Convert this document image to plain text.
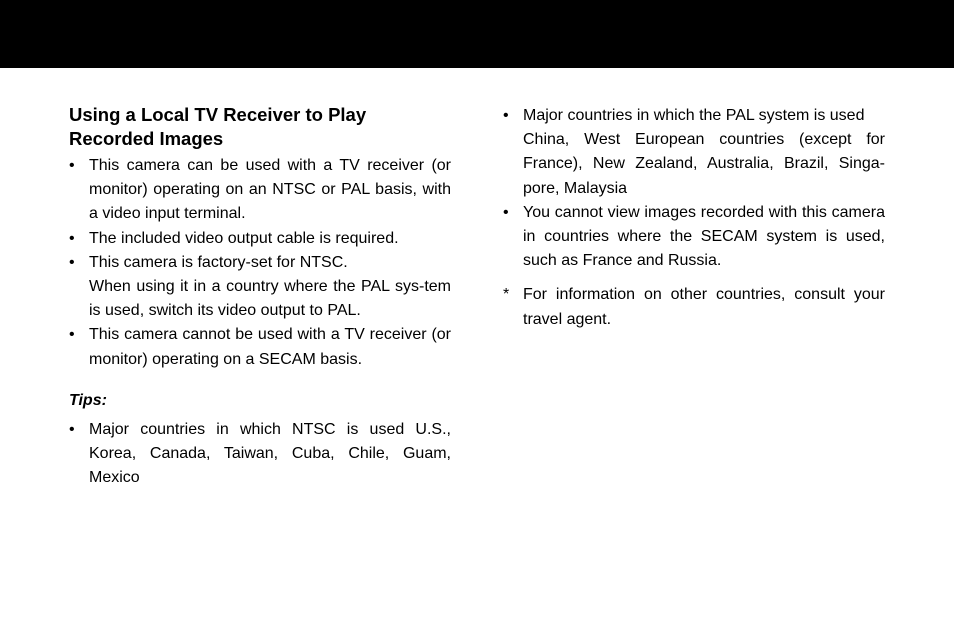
Using a Local TV Receiver to Play
Recorded Images
• This camera can be used with a TV receiver (or monitor) operating on an NTSC or PAL basis, with a video input terminal.
• The included video output cable is required.
• This camera is factory-set for NTSC.
When using it in a country where the PAL sys-tem is used, switch its video output to PAL.
• This camera cannot be used with a TV receiver (or monitor) operating on a SECAM basis.
Tips:
• Major countries in which NTSC is used U.S., Korea, Canada, Taiwan, Cuba, Chile, Guam, Mexico
• Major countries in which the PAL system is used
China, West European countries (except for France), New Zealand, Australia, Brazil, Singa-pore, Malaysia
• You cannot view images recorded with this camera in countries where the SECAM system is used, such as France and Russia.
* For information on other countries, consult your travel agent.
